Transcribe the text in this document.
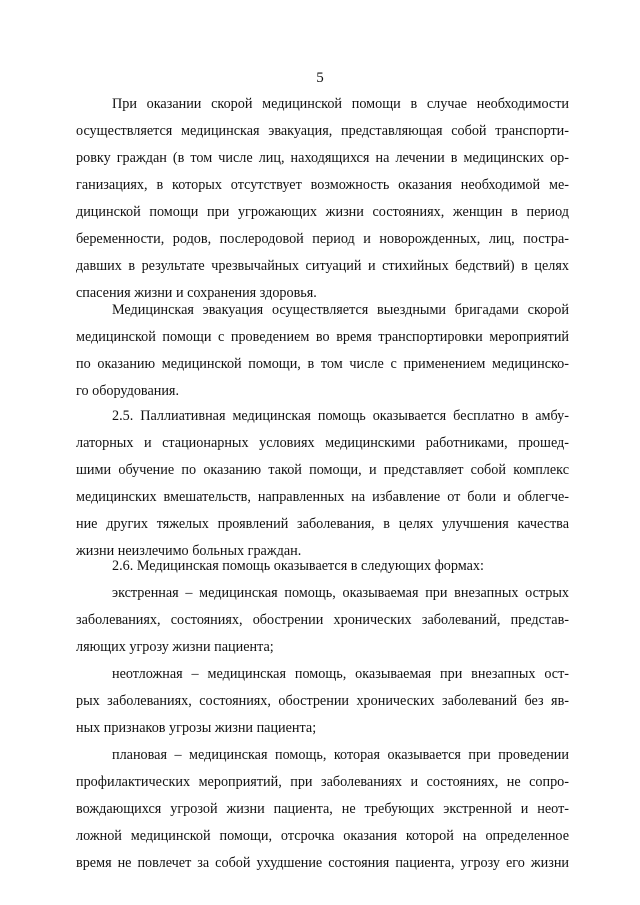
5
При оказании скорой медицинской помощи в случае необходимости
осуществляется медицинская эвакуация, представляющая собой транспорти-
ровку граждан (в том числе лиц, находящихся на лечении в медицинских ор-
ганизациях, в которых отсутствует возможность оказания необходимой ме-
дицинской помощи при угрожающих жизни состояниях, женщин в период
беременности, родов, послеродовой период и новорожденных, лиц, постра-
давших в результате чрезвычайных ситуаций и стихийных бедствий) в целях
спасения жизни и сохранения здоровья.
Медицинская эвакуация осуществляется выездными бригадами скорой
медицинской помощи с проведением во время транспортировки мероприятий
по оказанию медицинской помощи, в том числе с применением медицинско-
го оборудования.
2.5. Паллиативная медицинская помощь оказывается бесплатно в амбу-
латорных и стационарных условиях медицинскими работниками, прошед-
шими обучение по оказанию такой помощи, и представляет собой комплекс
медицинских вмешательств, направленных на избавление от боли и облегче-
ние других тяжелых проявлений заболевания, в целях улучшения качества
жизни неизлечимо больных граждан.
2.6. Медицинская помощь оказывается в следующих формах:
экстренная – медицинская помощь, оказываемая при внезапных острых
заболеваниях, состояниях, обострении хронических заболеваний, представ-
ляющих угрозу жизни пациента;
неотложная – медицинская помощь, оказываемая при внезапных ост-
рых заболеваниях, состояниях, обострении хронических заболеваний без яв-
ных признаков угрозы жизни пациента;
плановая – медицинская помощь, которая оказывается при проведении
профилактических мероприятий, при заболеваниях и состояниях, не сопро-
вождающихся угрозой жизни пациента, не требующих экстренной и неот-
ложной медицинской помощи, отсрочка оказания которой на определенное
время не повлечет за собой ухудшение состояния пациента, угрозу его жизни
